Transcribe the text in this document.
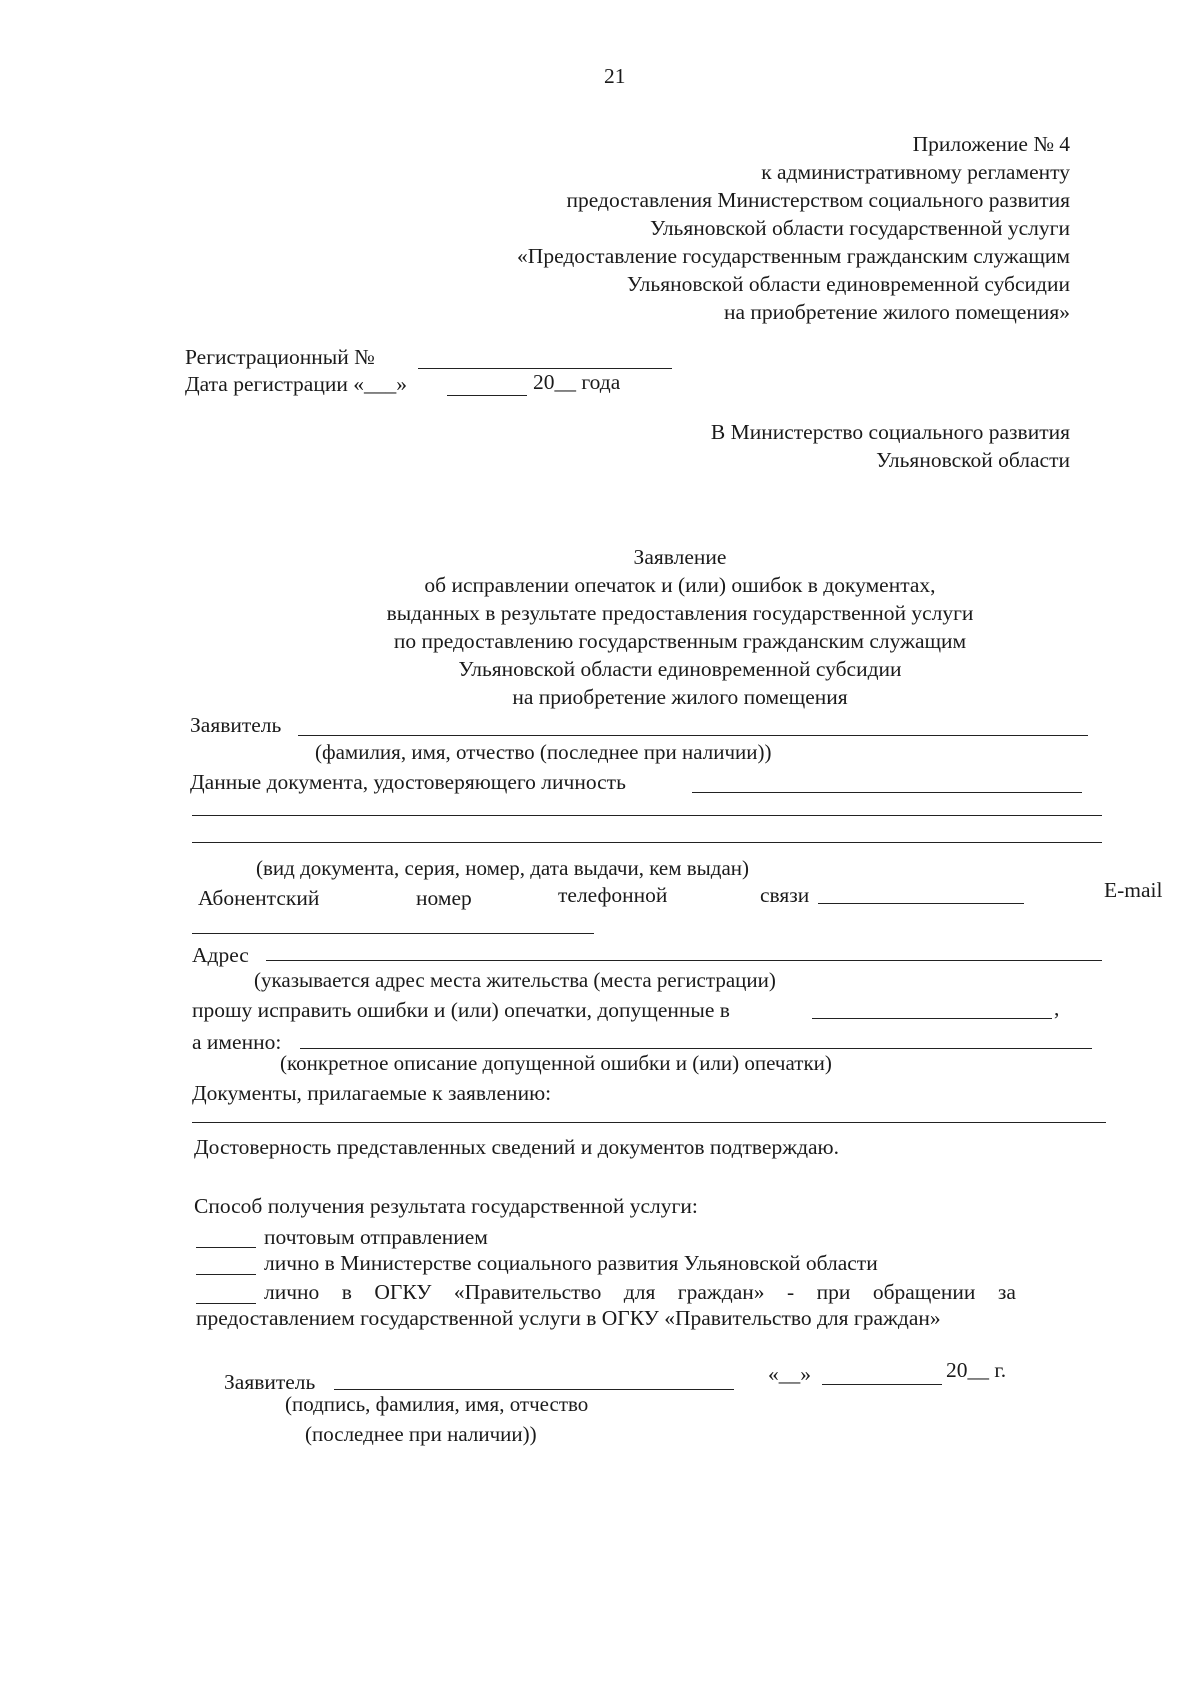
21
Приложение № 4
к административному регламенту
предоставления Министерством социального развития
Ульяновской области государственной услуги
«Предоставление государственным гражданским служащим
Ульяновской области единовременной субсидии
на приобретение жилого помещения»
Регистрационный №
Дата регистрации «___»	20__ года
В Министерство социального развития
Ульяновской области
Заявление
об исправлении опечаток и (или) ошибок в документах,
выданных в результате предоставления государственной услуги
по предоставлению государственным гражданским служащим
Ульяновской области единовременной субсидии
на приобретение жилого помещения
Заявитель
(фамилия, имя, отчество (последнее при наличии))
Данные документа, удостоверяющего личность
(вид документа, серия, номер, дата выдачи, кем выдан)
Абонентский	номер	телефонной	связи	E-mail
Адрес
(указывается адрес места жительства (места регистрации)
прошу исправить ошибки и (или) опечатки, допущенные в	,
а именно:
(конкретное описание допущенной ошибки и (или) опечатки)
Документы, прилагаемые к заявлению:
Достоверность представленных сведений и документов подтверждаю.
Способ получения результата государственной услуги:
почтовым отправлением
лично в Министерстве социального развития Ульяновской области
лично в ОГКУ «Правительство для граждан» - при обращении за
предоставлением государственной услуги в ОГКУ «Правительство для граждан»
Заявитель	«__»	20__ г.
(подпись, фамилия, имя, отчество
(последнее при наличии))
